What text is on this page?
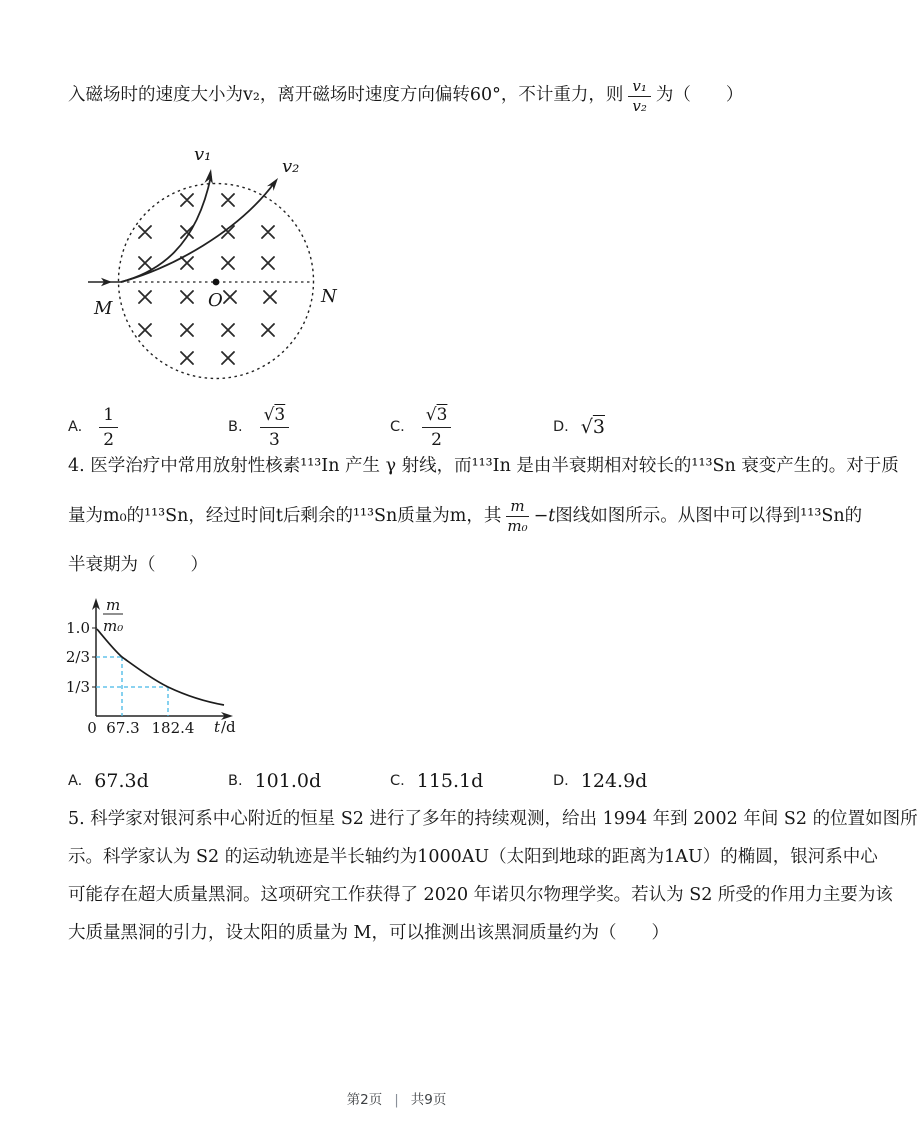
入磁场时的速度大小为v₂，离开磁场时速度方向偏转60°，不计重力，则 $\frac{\text{v₁}}{\text{v₂}}$ 为（　　）
v₁
v₂
M
N
O
A. $\frac{1}{2}$	B. $\frac{√3}{3}$	C. $\frac{√3}{2}$	D. √3
4. 医学治疗中常用放射性核素¹¹³In 产生 γ 射线，而¹¹³In 是由半衰期相对较长的¹¹³Sn 衰变产生的。对于质
量为m₀的¹¹³Sn，经过时间t后剩余的¹¹³Sn质量为m，其 $\frac{m}{\text{m₀}} -t$ 图线如图所示。从图中可以得到¹¹³Sn的
半衰期为（　　）
m
m₀
1.0
2/3
1/3
0 67.3 182.4 t /d
A. 67.3d	B. 101.0d	C. 115.1d	D. 124.9d
5. 科学家对银河系中心附近的恒星 S2 进行了多年的持续观测，给出 1994 年到 2002 年间 S2 的位置如图所
示。科学家认为 S2 的运动轨迹是半长轴约为1000AU（太阳到地球的距离为1AU）的椭圆，银河系中心
可能存在超大质量黑洞。这项研究工作获得了 2020 年诺贝尔物理学奖。若认为 S2 所受的作用力主要为该
大质量黑洞的引力，设太阳的质量为 M，可以推测出该黑洞质量约为（　　）
第2页 | 共9页
